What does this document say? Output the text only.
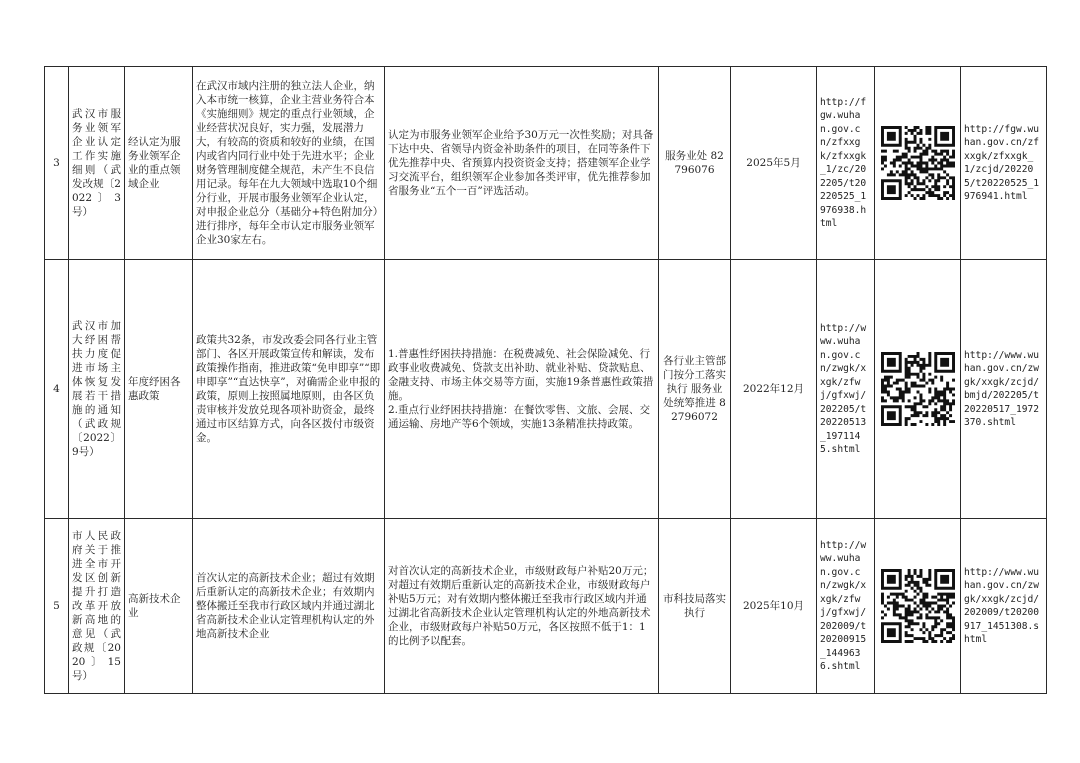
3	武汉市服务业领军企业认定工作实施细则（武发改规〔2022〕3号）	经认定为服务业领军企业的重点领域企业	在武汉市域内注册的独立法人企业，纳入本市统一核算，企业主营业务符合本《实施细则》规定的重点行业领域，企业经营状况良好，实力强，发展潜力大，有较高的资质和较好的业绩，在国内或省内同行业中处于先进水平；企业财务管理制度健全规范，未产生不良信用记录。每年在九大领域中选取10个细分行业，开展市服务业领军企业认定，对申报企业总分（基础分+特色附加分）进行排序，每年全市认定市服务业领军企业30家左右。	认定为市服务业领军企业给予30万元一次性奖励；对具备下达中央、省领导内资金补助条件的项目，在同等条件下优先推荐中央、省预算内投资资金支持；搭建领军企业学习交流平台，组织领军企业参加各类评审，优先推荐参加省服务业“五个一百”评选活动。	服务业处 82796076	2025年5月	http://fgw.wuhan.gov.cn/zfxxgk/zfxxgk_1/zc/202205/t20220525_1976938.html		http://fgw.wuhan.gov.cn/zfxxgk/zfxxgk_1/zcjd/202205/t20220525_1976941.html
4	武汉市加大纾困帮扶力度促进市场主体恢复发展若干措施的通知（武政规〔2022〕9号）	年度纾困各惠政策	政策共32条，市发改委会同各行业主管部门、各区开展政策宣传和解读，发布政策操作指南，推进政策“免申即享”“即申即享”“直达快享”，对确需企业申报的政策，原则上按照属地原则，由各区负责审核并发放兑现各项补助资金，最终通过市区结算方式，向各区拨付市级资金。	1.普惠性纾困扶持措施：在税费减免、社会保险减免、行政事业收费减免、贷款支出补助、就业补贴、贷款贴息、金融支持、市场主体交易等方面，实施19条普惠性政策措施。
2.重点行业纾困扶持措施：在餐饮零售、文旅、会展、交通运输、房地产等6个领域，实施13条精准扶持政策。	各行业主管部门按分工落实执行 服务业处统筹推进 82796072	2022年12月	http://www.wuhan.gov.cn/zwgk/xxgk/zfwj/gfxwj/202205/t20220513_1971145.shtml		http://www.wuhan.gov.cn/zwgk/xxgk/zcjd/bmjd/202205/t20220517_1972370.shtml
5	市人民政府关于推进全市开发区创新提升打造改革开放新高地的意见（武政规〔2020〕15号）	高新技术企业	首次认定的高新技术企业；超过有效期后重新认定的高新技术企业；有效期内整体搬迁至我市行政区域内并通过湖北省高新技术企业认定管理机构认定的外地高新技术企业	对首次认定的高新技术企业，市级财政每户补贴20万元；对超过有效期后重新认定的高新技术企业，市级财政每户补贴5万元；对有效期内整体搬迁至我市行政区域内并通过湖北省高新技术企业认定管理机构认定的外地高新技术企业，市级财政每户补贴50万元，各区按照不低于1：1的比例予以配套。	市科技局落实执行	2025年10月	http://www.wuhan.gov.cn/zwgk/xxgk/zfwj/gfxwj/202009/t20200915_1449636.shtml		http://www.wuhan.gov.cn/zwgk/xxgk/zcjd/202009/t20200917_1451308.shtml
